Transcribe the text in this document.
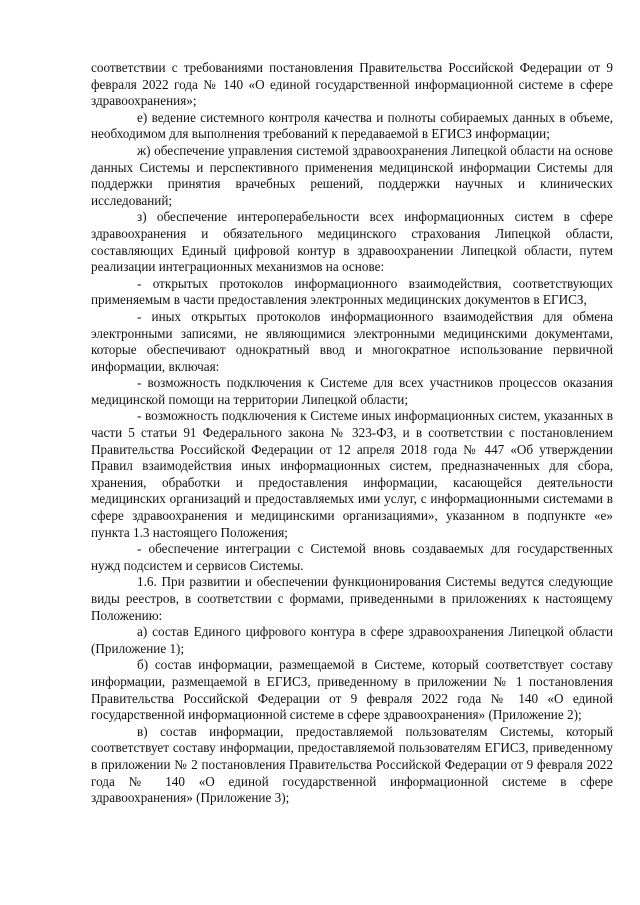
соответствии с требованиями постановления Правительства Российской Федерации от 9 февраля 2022 года № 140 «О единой государственной информационной системе в сфере здравоохранения»;

е) ведение системного контроля качества и полноты собираемых данных в объеме, необходимом для выполнения требований к передаваемой в ЕГИСЗ информации;

ж) обеспечение управления системой здравоохранения Липецкой области на основе данных Системы и перспективного применения медицинской информации Системы для поддержки принятия врачебных решений, поддержки научных и клинических исследований;

з) обеспечение интероперабельности всех информационных систем в сфере здравоохранения и обязательного медицинского страхования Липецкой области, составляющих Единый цифровой контур в здравоохранении Липецкой области, путем реализации интеграционных механизмов на основе:

- открытых протоколов информационного взаимодействия, соответствующих применяемым в части предоставления электронных медицинских документов в ЕГИСЗ,

- иных открытых протоколов информационного взаимодействия для обмена электронными записями, не являющимися электронными медицинскими документами, которые обеспечивают однократный ввод и многократное использование первичной информации, включая:

- возможность подключения к Системе для всех участников процессов оказания медицинской помощи на территории Липецкой области;

- возможность подключения к Системе иных информационных систем, указанных в части 5 статьи 91 Федерального закона № 323-ФЗ, и в соответствии с постановлением Правительства Российской Федерации от 12 апреля 2018 года № 447 «Об утверждении Правил взаимодействия иных информационных систем, предназначенных для сбора, хранения, обработки и предоставления информации, касающейся деятельности медицинских организаций и предоставляемых ими услуг, с информационными системами в сфере здравоохранения и медицинскими организациями», указанном в подпункте «е» пункта 1.3 настоящего Положения;

- обеспечение интеграции с Системой вновь создаваемых для государственных нужд подсистем и сервисов Системы.

1.6. При развитии и обеспечении функционирования Системы ведутся следующие виды реестров, в соответствии с формами, приведенными в приложениях к настоящему Положению:

а) состав Единого цифрового контура в сфере здравоохранения Липецкой области (Приложение 1);

б) состав информации, размещаемой в Системе, который соответствует составу информации, размещаемой в ЕГИСЗ, приведенному в приложении № 1 постановления Правительства Российской Федерации от 9 февраля 2022 года № 140 «О единой государственной информационной системе в сфере здравоохранения» (Приложение 2);

в) состав информации, предоставляемой пользователям Системы, который соответствует составу информации, предоставляемой пользователям ЕГИСЗ, приведенному в приложении № 2 постановления Правительства Российской Федерации от 9 февраля 2022 года № 140 «О единой государственной информационной системе в сфере здравоохранения» (Приложение 3);
